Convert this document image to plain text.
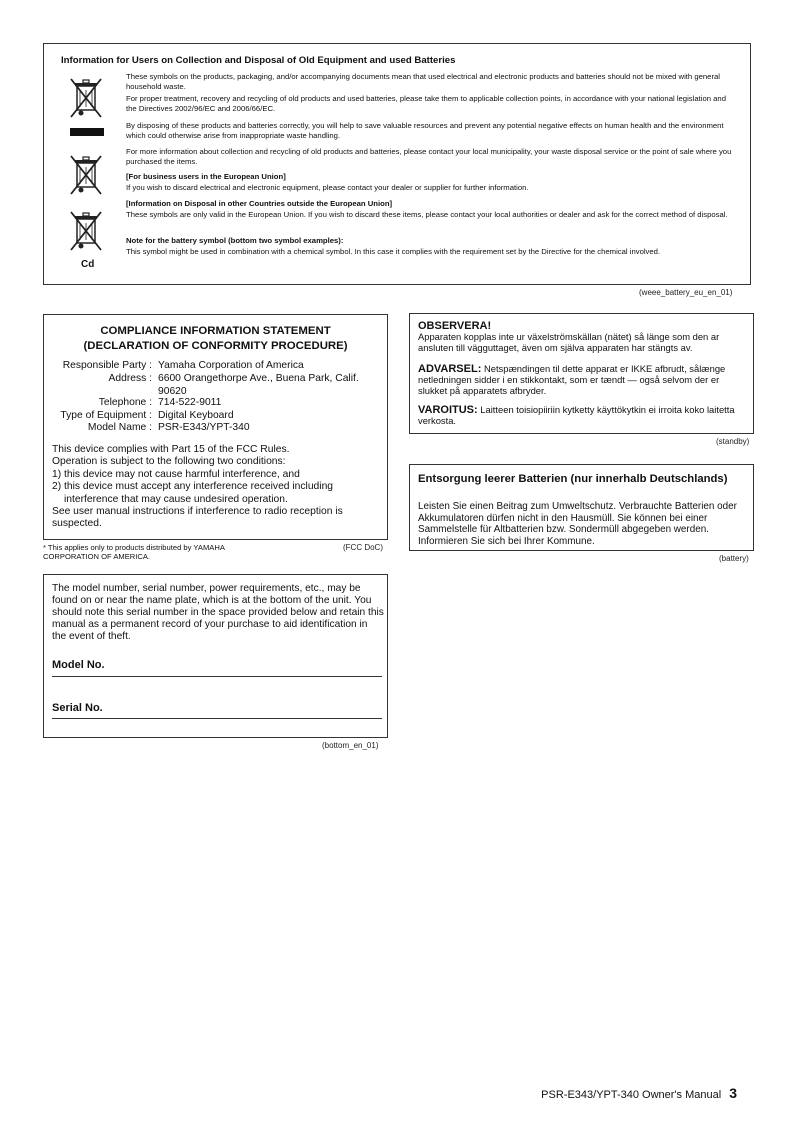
Information for Users on Collection and Disposal of Old Equipment and used Batteries
Cd
These symbols on the products, packaging, and/or accompanying documents mean that used electrical and electronic products and batteries should not be mixed with general household waste.
For proper treatment, recovery and recycling of old products and used batteries, please take them to applicable collection points, in accordance with your national legislation and the Directives 2002/96/EC and 2006/66/EC.
By disposing of these products and batteries correctly, you will help to save valuable resources and prevent any potential negative effects on human health and the environment which could otherwise arise from inappropriate waste handling.
For more information about collection and recycling of old products and batteries, please contact your local municipality, your waste disposal service or the point of sale where you purchased the items.
[For business users in the European Union]
If you wish to discard electrical and electronic equipment, please contact your dealer or supplier for further information.
[Information on Disposal in other Countries outside the European Union]
These symbols are only valid in the European Union. If you wish to discard these items, please contact your local authorities or dealer and ask for the correct method of disposal.
Note for the battery symbol (bottom two symbol examples):
This symbol might be used in combination with a chemical symbol. In this case it complies with the requirement set by the Directive for the chemical involved.
(weee_battery_eu_en_01)
COMPLIANCE INFORMATION STATEMENT
(DECLARATION OF CONFORMITY PROCEDURE)
Responsible Party : Yamaha Corporation of America
Address : 6600 Orangethorpe Ave., Buena Park, Calif. 90620
Telephone : 714-522-9011
Type of Equipment : Digital Keyboard
Model Name : PSR-E343/YPT-340
This device complies with Part 15 of the FCC Rules.
Operation is subject to the following two conditions:
1) this device may not cause harmful interference, and
2) this device must accept any interference received including
interference that may cause undesired operation.
See user manual instructions if interference to radio reception is suspected.
* This applies only to products distributed by YAMAHA CORPORATION OF AMERICA.
(FCC DoC)
OBSERVERA!
Apparaten kopplas inte ur växelströmskällan (nätet) så länge som den ar ansluten till vägguttaget, även om själva apparaten har stängts av.
ADVARSEL: Netspændingen til dette apparat er IKKE afbrudt, sålænge netledningen sidder i en stikkontakt, som er tændt — også selvom der er slukket på apparatets afbryder.
VAROITUS: Laitteen toisiopiiriin kytketty käyttökytkin ei irroita koko laitetta verkosta.
(standby)
Entsorgung leerer Batterien (nur innerhalb Deutschlands)
Leisten Sie einen Beitrag zum Umweltschutz. Verbrauchte Batterien oder Akkumulatoren dürfen nicht in den Hausmüll. Sie können bei einer Sammelstelle für Altbatterien bzw. Sondermüll abgegeben werden. Informieren Sie sich bei Ihrer Kommune.
(battery)
The model number, serial number, power requirements, etc., may be found on or near the name plate, which is at the bottom of the unit. You should note this serial number in the space provided below and retain this manual as a permanent record of your purchase to aid identification in the event of theft.
Model No.
Serial No.
(bottom_en_01)
PSR-E343/YPT-340 Owner's Manual 3
